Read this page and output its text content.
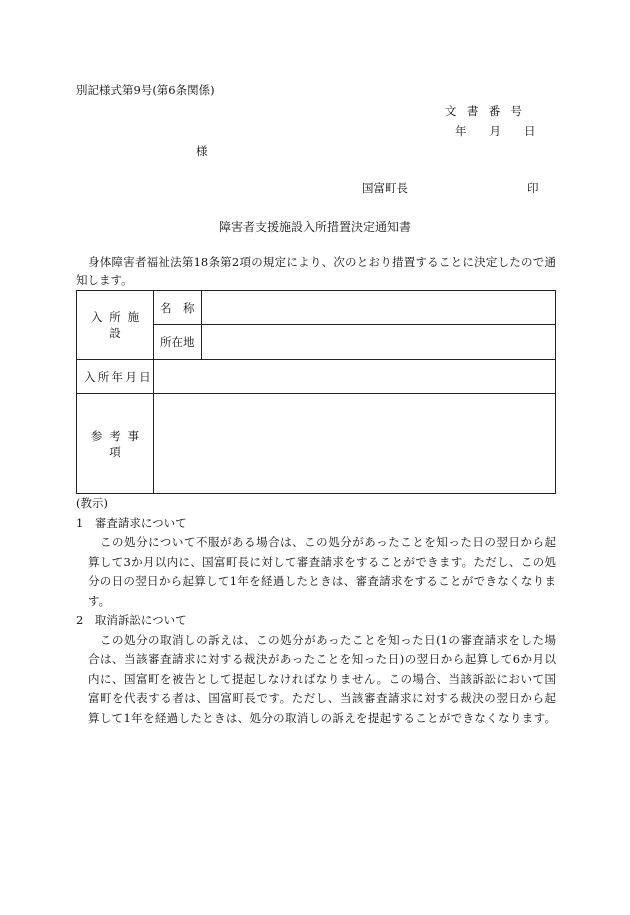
別記様式第9号(第6条関係)
文書番号
年　　月　　日
様
国富町長	印
障害者支援施設入所措置決定通知書
身体障害者福祉法第18条第2項の規定により、次のとおり措置することに決定したので通
知します。
入所施設	名　称	
	所在地	
入所年月日		
参考事項		
(教示)
1　審査請求について
この処分について不服がある場合は、この処分があったことを知った日の翌日から起
算して3か月以内に、国富町長に対して審査請求をすることができます。ただし、この処
分の日の翌日から起算して1年を経過したときは、審査請求をすることができなくなりま
す。
2　取消訴訟について
この処分の取消しの訴えは、この処分があったことを知った日(1の審査請求をした場
合は、当該審査請求に対する裁決があったことを知った日)の翌日から起算して6か月以
内に、国富町を被告として提起しなければなりません。この場合、当該訴訟において国
富町を代表する者は、国富町長です。ただし、当該審査請求に対する裁決の翌日から起
算して1年を経過したときは、処分の取消しの訴えを提起することができなくなります。
